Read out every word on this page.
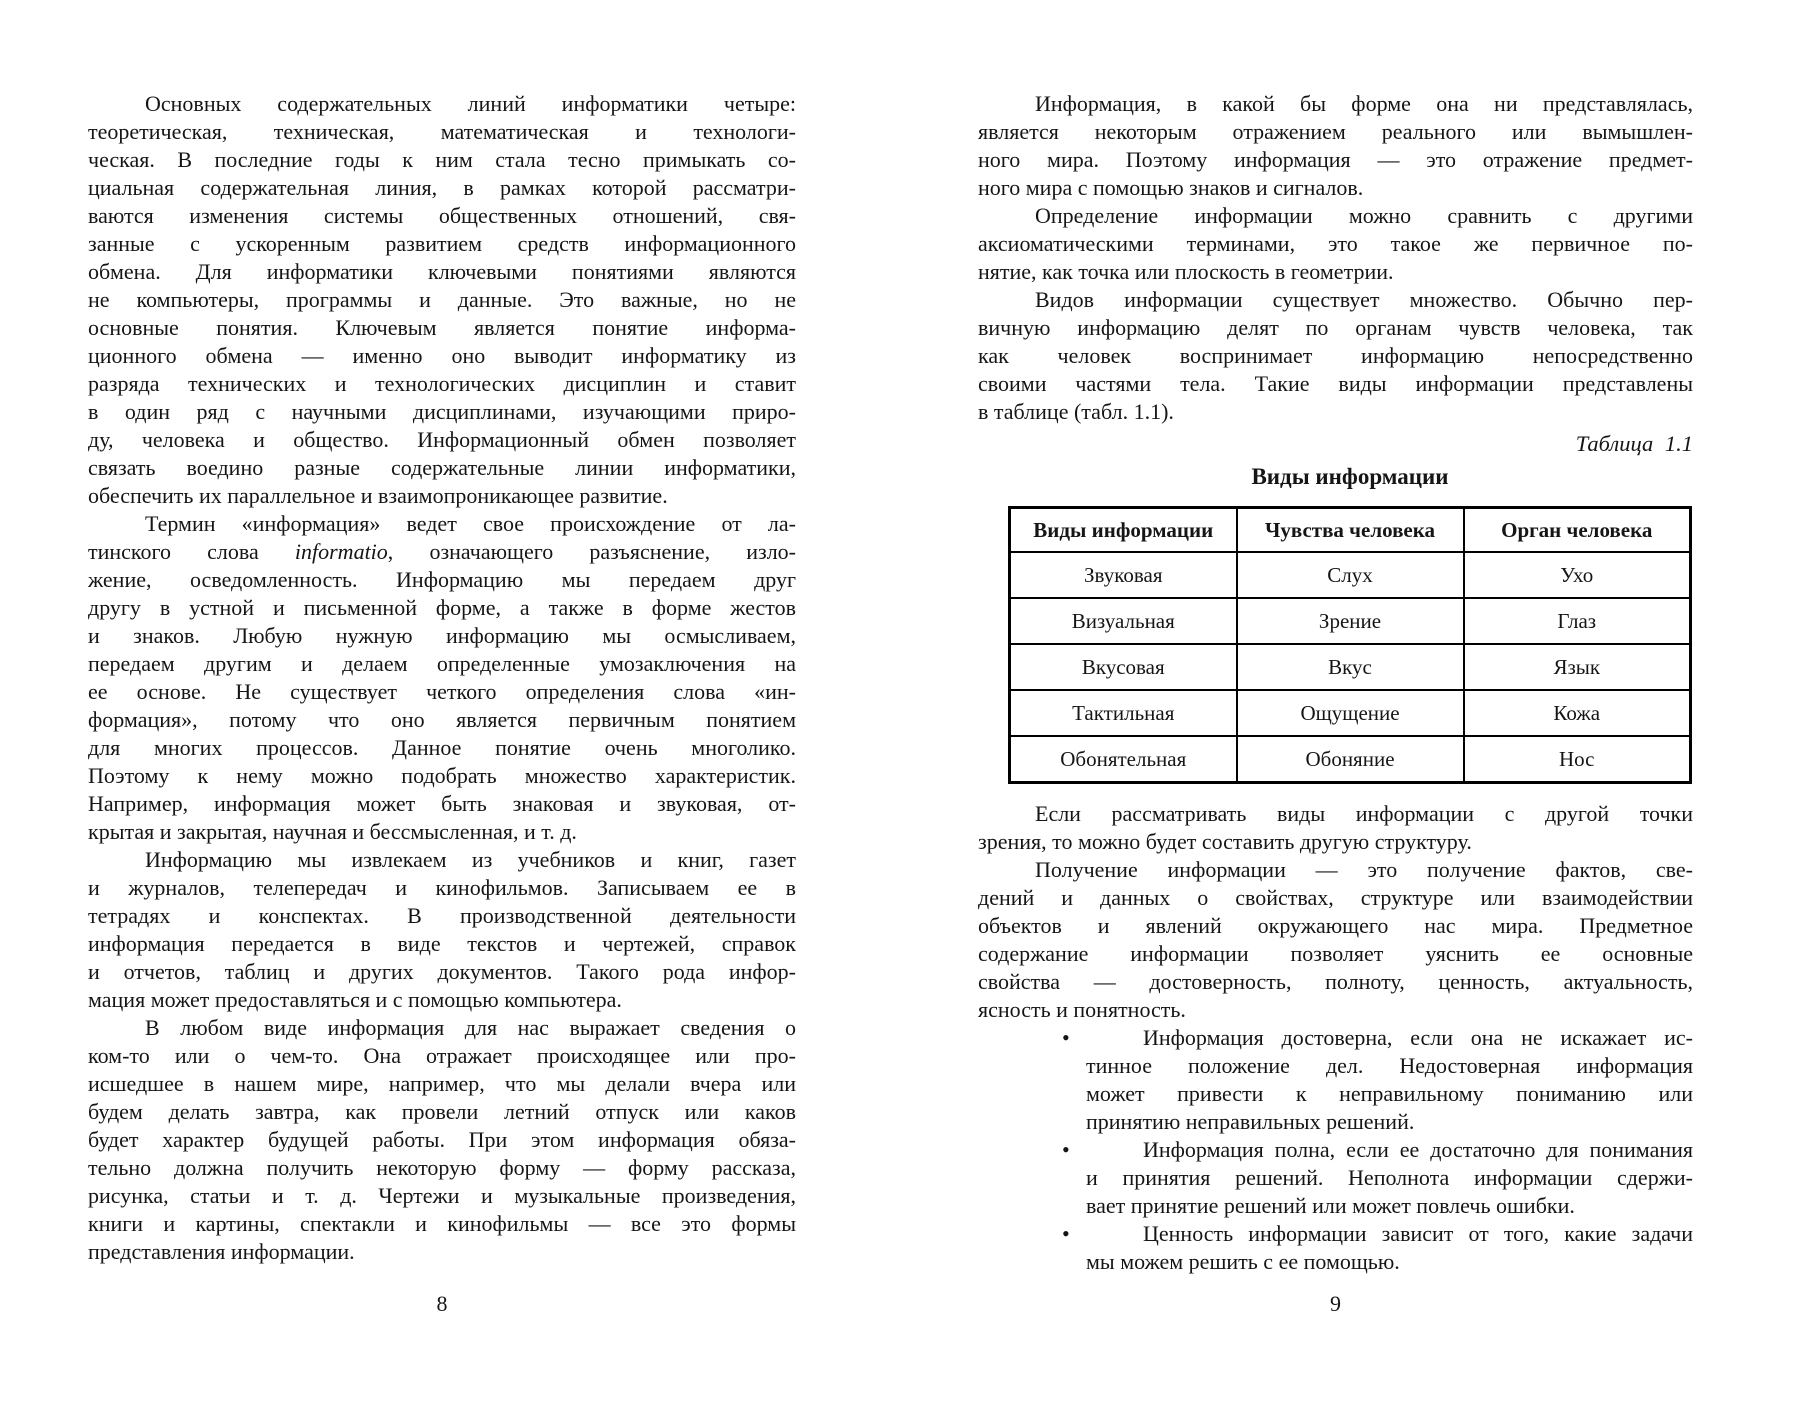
Основных содержательных линий информатики четыре:
теоретическая, техническая, математическая и технологи-
ческая. В последние годы к ним стала тесно примыкать со-
циальная содержательная линия, в рамках которой рассматри-
ваются изменения системы общественных отношений, свя-
занные с ускоренным развитием средств информационного
обмена. Для информатики ключевыми понятиями являются
не компьютеры, программы и данные. Это важные, но не
основные понятия. Ключевым является понятие информа-
ционного обмена — именно оно выводит информатику из
разряда технических и технологических дисциплин и ставит
в один ряд с научными дисциплинами, изучающими приро-
ду, человека и общество. Информационный обмен позволяет
связать воедино разные содержательные линии информатики,
обеспечить их параллельное и взаимопроникающее развитие.
Термин «информация» ведет свое происхождение от ла-
тинского слова informatio, означающего разъяснение, изло-
жение, осведомленность. Информацию мы передаем друг
другу в устной и письменной форме, а также в форме жестов
и знаков. Любую нужную информацию мы осмысливаем,
передаем другим и делаем определенные умозаключения на
ее основе. Не существует четкого определения слова «ин-
формация», потому что оно является первичным понятием
для многих процессов. Данное понятие очень многолико.
Поэтому к нему можно подобрать множество характеристик.
Например, информация может быть знаковая и звуковая, от-
крытая и закрытая, научная и бессмысленная, и т. д.
Информацию мы извлекаем из учебников и книг, газет
и журналов, телепередач и кинофильмов. Записываем ее в
тетрадях и конспектах. В производственной деятельности
информация передается в виде текстов и чертежей, справок
и отчетов, таблиц и других документов. Такого рода инфор-
мация может предоставляться и с помощью компьютера.
В любом виде информация для нас выражает сведения о
ком-то или о чем-то. Она отражает происходящее или про-
исшедшее в нашем мире, например, что мы делали вчера или
будем делать завтра, как провели летний отпуск или каков
будет характер будущей работы. При этом информация обяза-
тельно должна получить некоторую форму — форму рассказа,
рисунка, статьи и т. д. Чертежи и музыкальные произведения,
книги и картины, спектакли и кинофильмы — все это формы
представления информации.
8
Информация, в какой бы форме она ни представлялась,
является некоторым отражением реального или вымышлен-
ного мира. Поэтому информация — это отражение предмет-
ного мира с помощью знаков и сигналов.
Определение информации можно сравнить с другими
аксиоматическими терминами, это такое же первичное по-
нятие, как точка или плоскость в геометрии.
Видов информации существует множество. Обычно пер-
вичную информацию делят по органам чувств человека, так
как человек воспринимает информацию непосредственно
своими частями тела. Такие виды информации представлены
в таблице (табл. 1.1).
Таблица 1.1
Виды информации
Виды информации	Чувства человека	Орган человека
Звуковая	Слух	Ухо
Визуальная	Зрение	Глаз
Вкусовая	Вкус	Язык
Тактильная	Ощущение	Кожа
Обонятельная	Обоняние	Нос
Если рассматривать виды информации с другой точки
зрения, то можно будет составить другую структуру.
Получение информации — это получение фактов, све-
дений и данных о свойствах, структуре или взаимодействии
объектов и явлений окружающего нас мира. Предметное
содержание информации позволяет уяснить ее основные
свойства — достоверность, полноту, ценность, актуальность,
ясность и понятность.
•	Информация достоверна, если она не искажает ис-
тинное положение дел. Недостоверная информация
может привести к неправильному пониманию или
принятию неправильных решений.
•	Информация полна, если ее достаточно для понимания
и принятия решений. Неполнота информации сдержи-
вает принятие решений или может повлечь ошибки.
•	Ценность информации зависит от того, какие задачи
мы можем решить с ее помощью.
9
